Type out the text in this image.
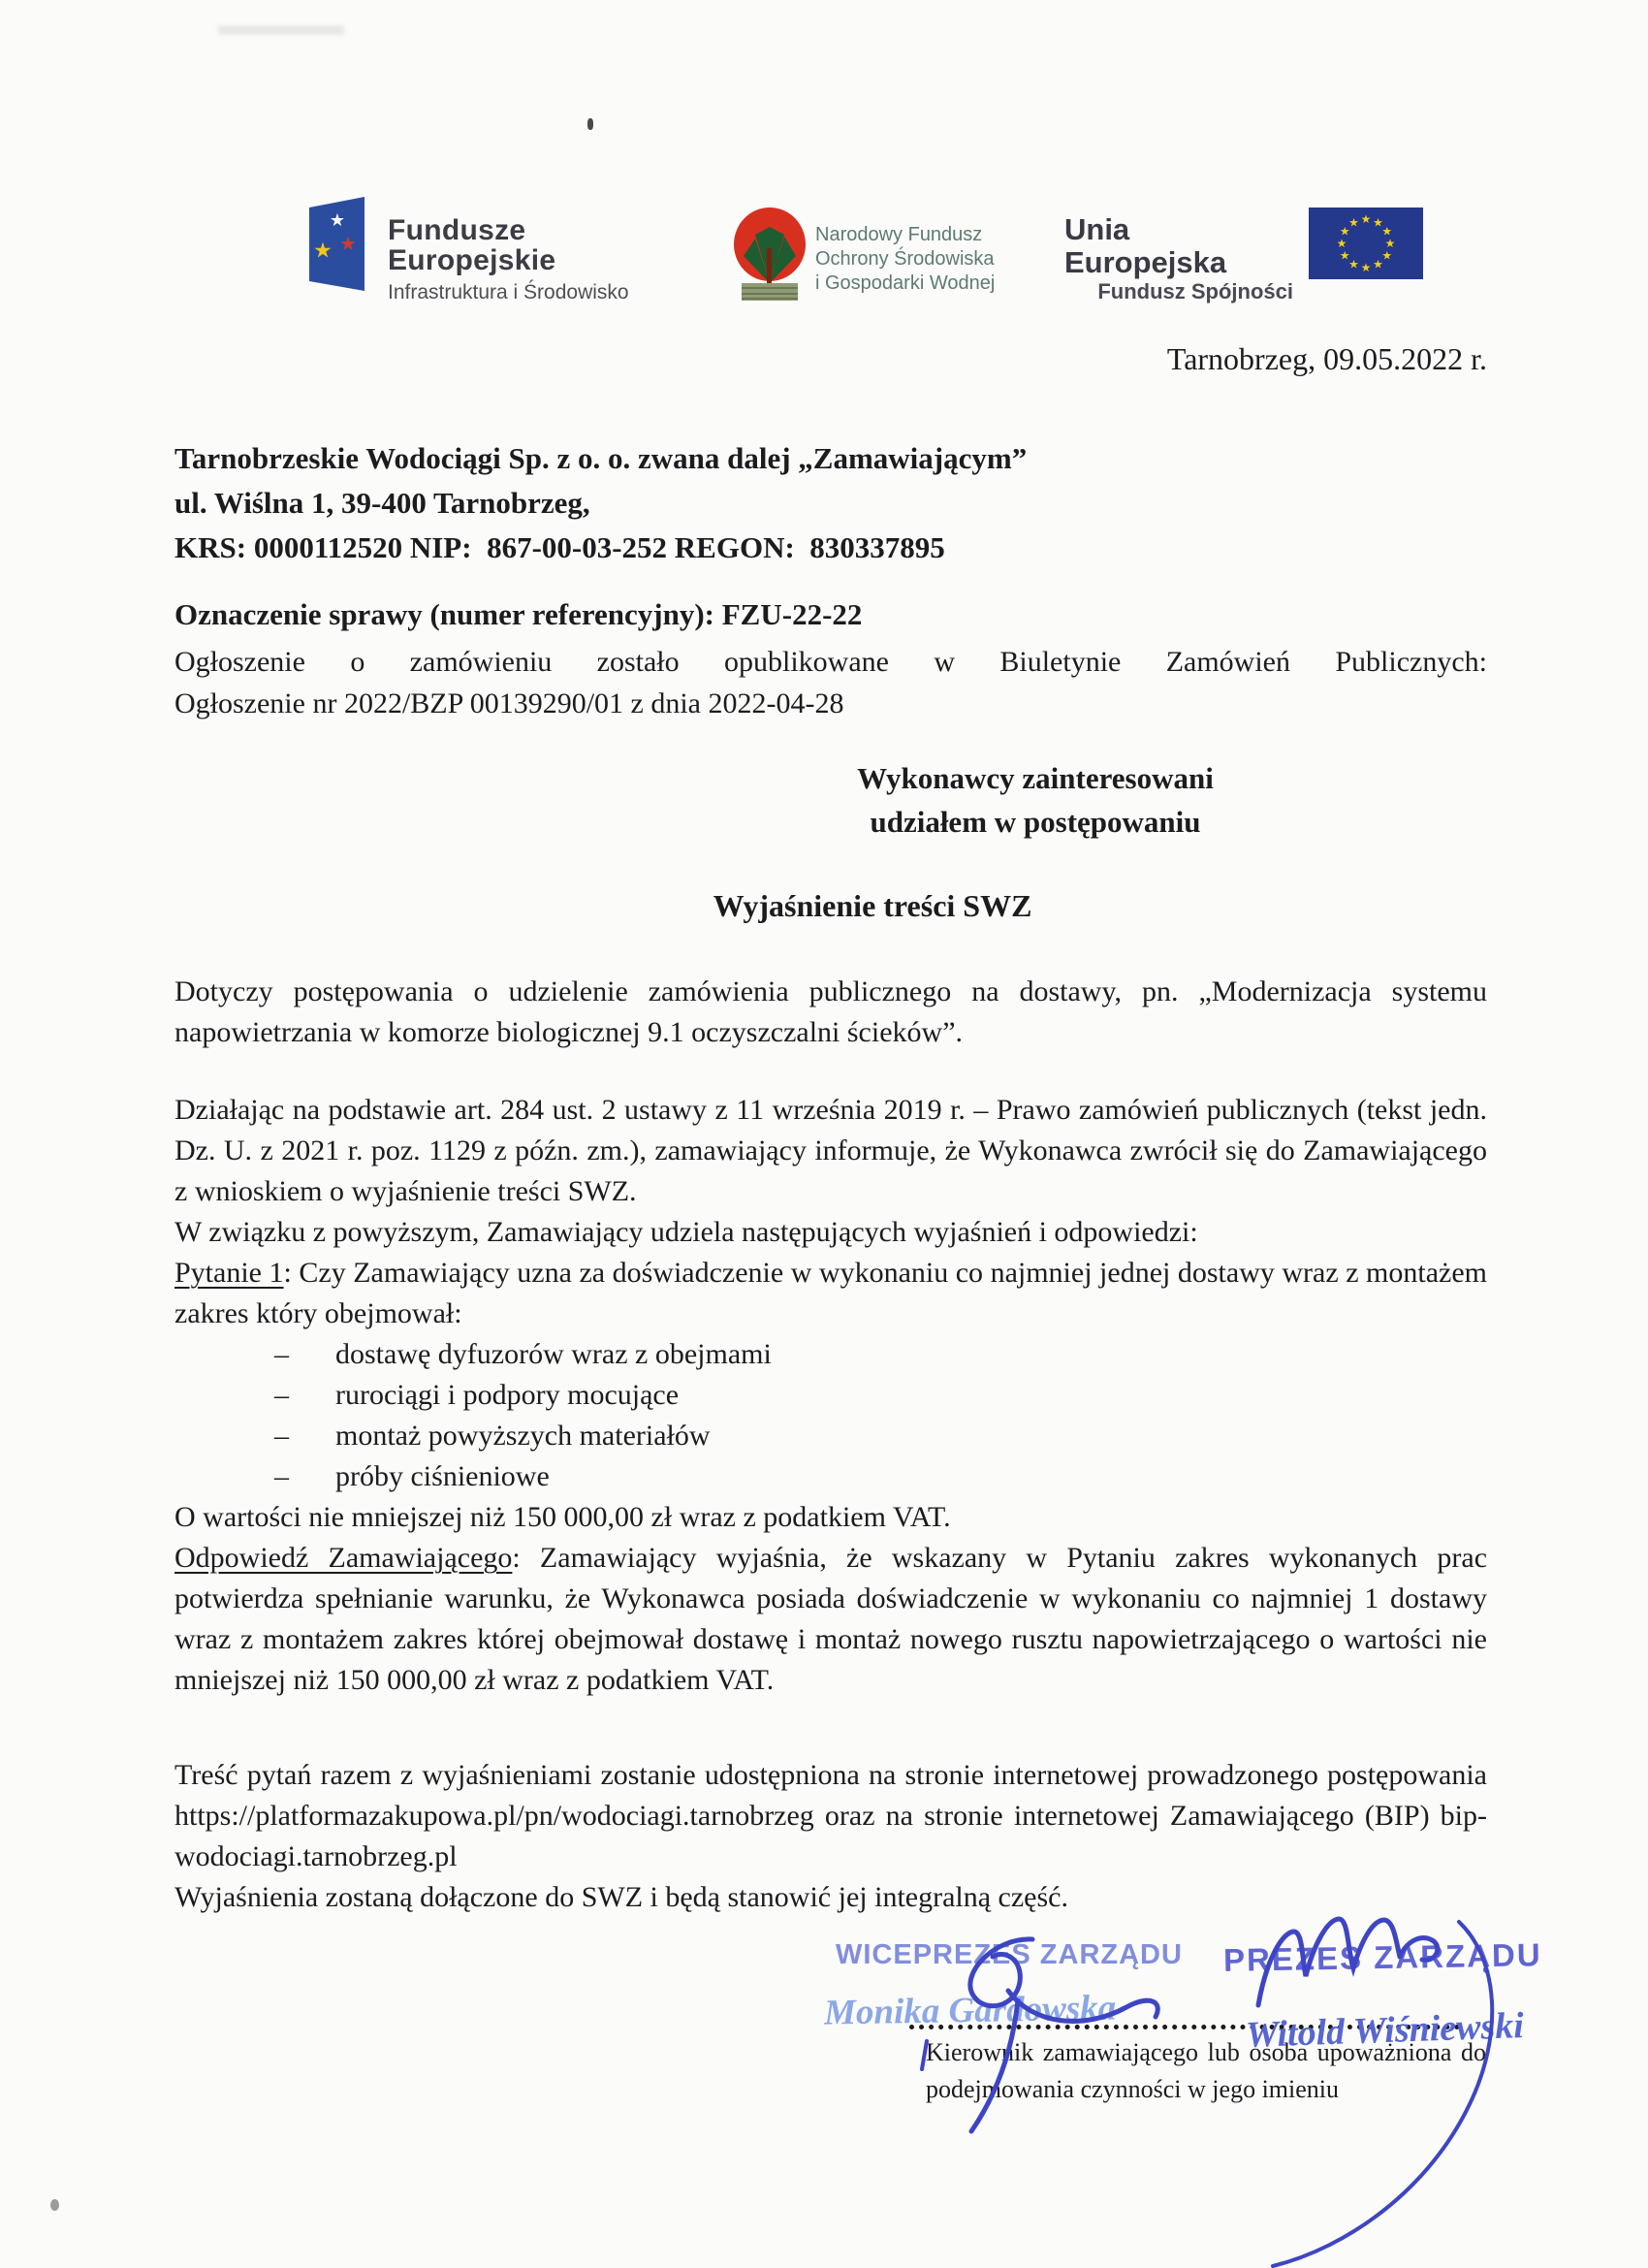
★
★ ★ Fundusze
Europejskie
Infrastruktura i Środowisko
Narodowy Fundusz
Ochrony Środowiska
i Gospodarki Wodnej
Unia Europejska
Fundusz Spójności
★ ★
★
★
★
★
★
★
★
★
★
★
Tarnobrzeg, 09.05.2022 r.
Tarnobrzeskie Wodociągi Sp. z o. o. zwana dalej „Zamawiającym”
ul. Wiślna 1, 39-400 Tarnobrzeg,
KRS: 0000112520 NIP:  867-00-03-252 REGON:  830337895
Oznaczenie sprawy (numer referencyjny): FZU-22-22
Ogłoszenie o zamówieniu zostało opublikowane w Biuletynie Zamówień Publicznych:
Ogłoszenie nr 2022/BZP 00139290/01 z dnia 2022-04-28
Wykonawcy zainteresowani
udziałem w postępowaniu
Wyjaśnienie treści SWZ

Dotyczy postępowania o udzielenie zamówienia publicznego na dostawy, pn. „Modernizacja systemu napowietrzania w komorze biologicznej 9.1 oczyszczalni ścieków”.

Działając na podstawie art. 284 ust. 2 ustawy z 11 września 2019 r. – Prawo zamówień publicznych (tekst jedn. Dz. U. z 2021 r. poz. 1129 z późn. zm.), zamawiający informuje, że Wykonawca zwrócił się do Zamawiającego z wnioskiem o wyjaśnienie treści SWZ.

W związku z powyższym, Zamawiający udziela następujących wyjaśnień i odpowiedzi:

Pytanie 1: Czy Zamawiający uzna za doświadczenie w wykonaniu co najmniej jednej dostawy wraz z montażem zakres który obejmował:

– dostawę dyfuzorów wraz z obejmami
– rurociągi i podpory mocujące
– montaż powyższych materiałów
– próby ciśnieniowe
O wartości nie mniejszej niż 150 000,00 zł wraz z podatkiem VAT.

Odpowiedź Zamawiającego: Zamawiający wyjaśnia, że wskazany w Pytaniu zakres wykonanych prac potwierdza spełnianie warunku, że Wykonawca posiada doświadczenie w wykonaniu co najmniej 1 dostawy wraz z montażem zakres której obejmował dostawę i montaż nowego rusztu napowietrzającego o wartości nie mniejszej niż 150 000,00 zł wraz z podatkiem VAT.

Treść pytań razem z wyjaśnieniami zostanie udostępniona na stronie internetowej prowadzonego postępowania https://platformazakupowa.pl/pn/wodociagi.tarnobrzeg oraz na stronie internetowej Zamawiającego (BIP) bip-wodociagi.tarnobrzeg.pl

Wyjaśnienia zostaną dołączone do SWZ i będą stanowić jej integralną część.
WICEPREZES ZARZĄDU PREZES ZARZĄDU
Monika Gardowska	Witold Wiśniewski

Kierownik zamawiającego lub osoba upoważniona do podejmowania czynności w jego imieniu
